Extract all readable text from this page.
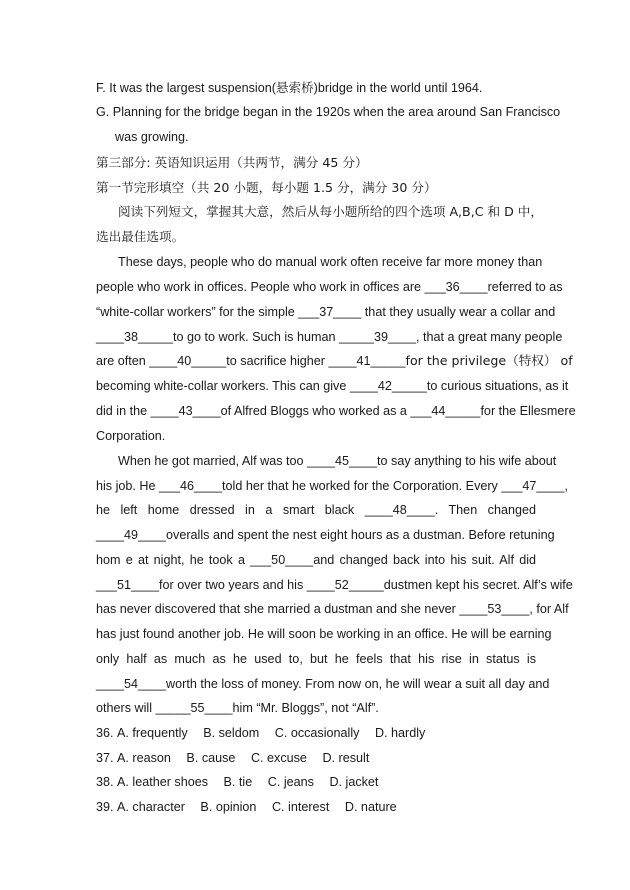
F. It was the largest suspension(悬索桥)bridge in the world until 1964.
G. Planning for the bridge began in the 1920s when the area around San Francisco
was growing.
第三部分: 英语知识运用（共两节，满分 45 分）
第一节完形填空（共 20 小题，每小题 1.5 分，满分 30 分）
阅读下列短文，掌握其大意，然后从每小题所给的四个选项 A,B,C 和 D 中，
选出最佳选项。
These days, people who do manual work often receive far more money than
people who work in offices. People who work in offices are ___36____referred to as
“white-collar workers” for the simple ___37____ that they usually wear a collar and
____38_____to go to work. Such is human _____39____, that a great many people
are often ____40_____to sacrifice higher ____41_____for the privilege（特权） of
becoming white-collar workers. This can give ____42_____to curious situations, as it
did in the ____43____of Alfred Bloggs who worked as a ___44_____for the Ellesmere
Corporation.
When he got married, Alf was too ____45____to say anything to his wife about
his job. He ___46____told her that he worked for the Corporation. Every ___47____,
he left home dressed in a smart black ____48____. Then changed
____49____overalls and spent the nest eight hours as a dustman. Before retuning
hom e at night, he took a ___50____and changed back into his suit. Alf did
___51____for over two years and his ____52_____dustmen kept his secret. Alf’s wife
has never discovered that she married a dustman and she never ____53____, for Alf
has just found another job. He will soon be working in an office. He will be earning
only half as much as he used to, but he feels that his rise in status is
____54____worth the loss of money. From now on, he will wear a suit all day and
others will _____55____him “Mr. Bloggs”, not “Alf”.
36. A. frequently B. seldom C. occasionally D. hardly
37. A. reason B. cause C. excuse D. result
38. A. leather shoes B. tie C. jeans D. jacket
39. A. character B. opinion C. interest D. nature
